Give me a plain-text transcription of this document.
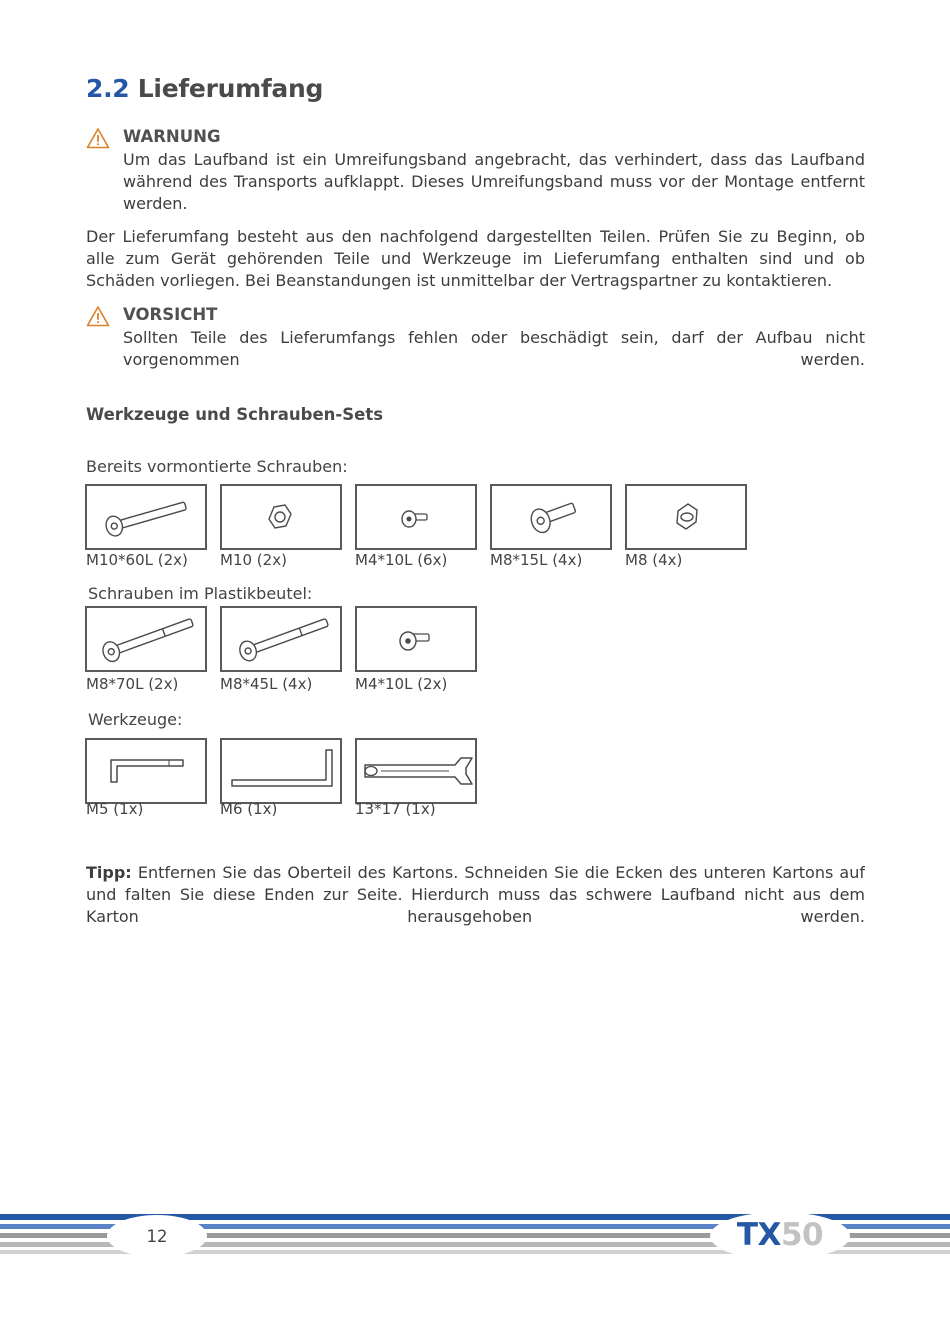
2.2 Lieferumfang
WARNUNG
Um das Laufband ist ein Umreifungsband angebracht, das verhindert, dass das Laufband während des Transports aufklappt. Dieses Umreifungsband muss vor der Montage entfernt werden.
Der Lieferumfang besteht aus den nachfolgend dargestellten Teilen. Prüfen Sie zu Beginn, ob alle zum Gerät gehörenden Teile und Werkzeuge im Lieferumfang enthalten sind und ob Schäden vorliegen. Bei Beanstandungen ist unmittelbar der Vertragspartner zu kontaktieren.
VORSICHT
Sollten Teile des Lieferumfangs fehlen oder beschädigt sein, darf der Aufbau nicht vorgenommen werden.
Werkzeuge und Schrauben-Sets
Bereits vormontierte Schrauben:
M10*60L (2x) M10 (2x)	M4*10L (6x)	M8*15L (4x)	M8 (4x)
Schrauben im Plastikbeutel:
M8*70L (2x)	M8*45L (4x)	M4*10L (2x)
Werkzeuge:
M5 (1x)	M6 (1x)	13*17 (1x)
Tipp: Entfernen Sie das Oberteil des Kartons. Schneiden Sie die Ecken des unteren Kartons auf und falten Sie diese Enden zur Seite. Hierdurch muss das schwere Laufband nicht aus dem Karton herausgehoben werden.
12	TX 50
